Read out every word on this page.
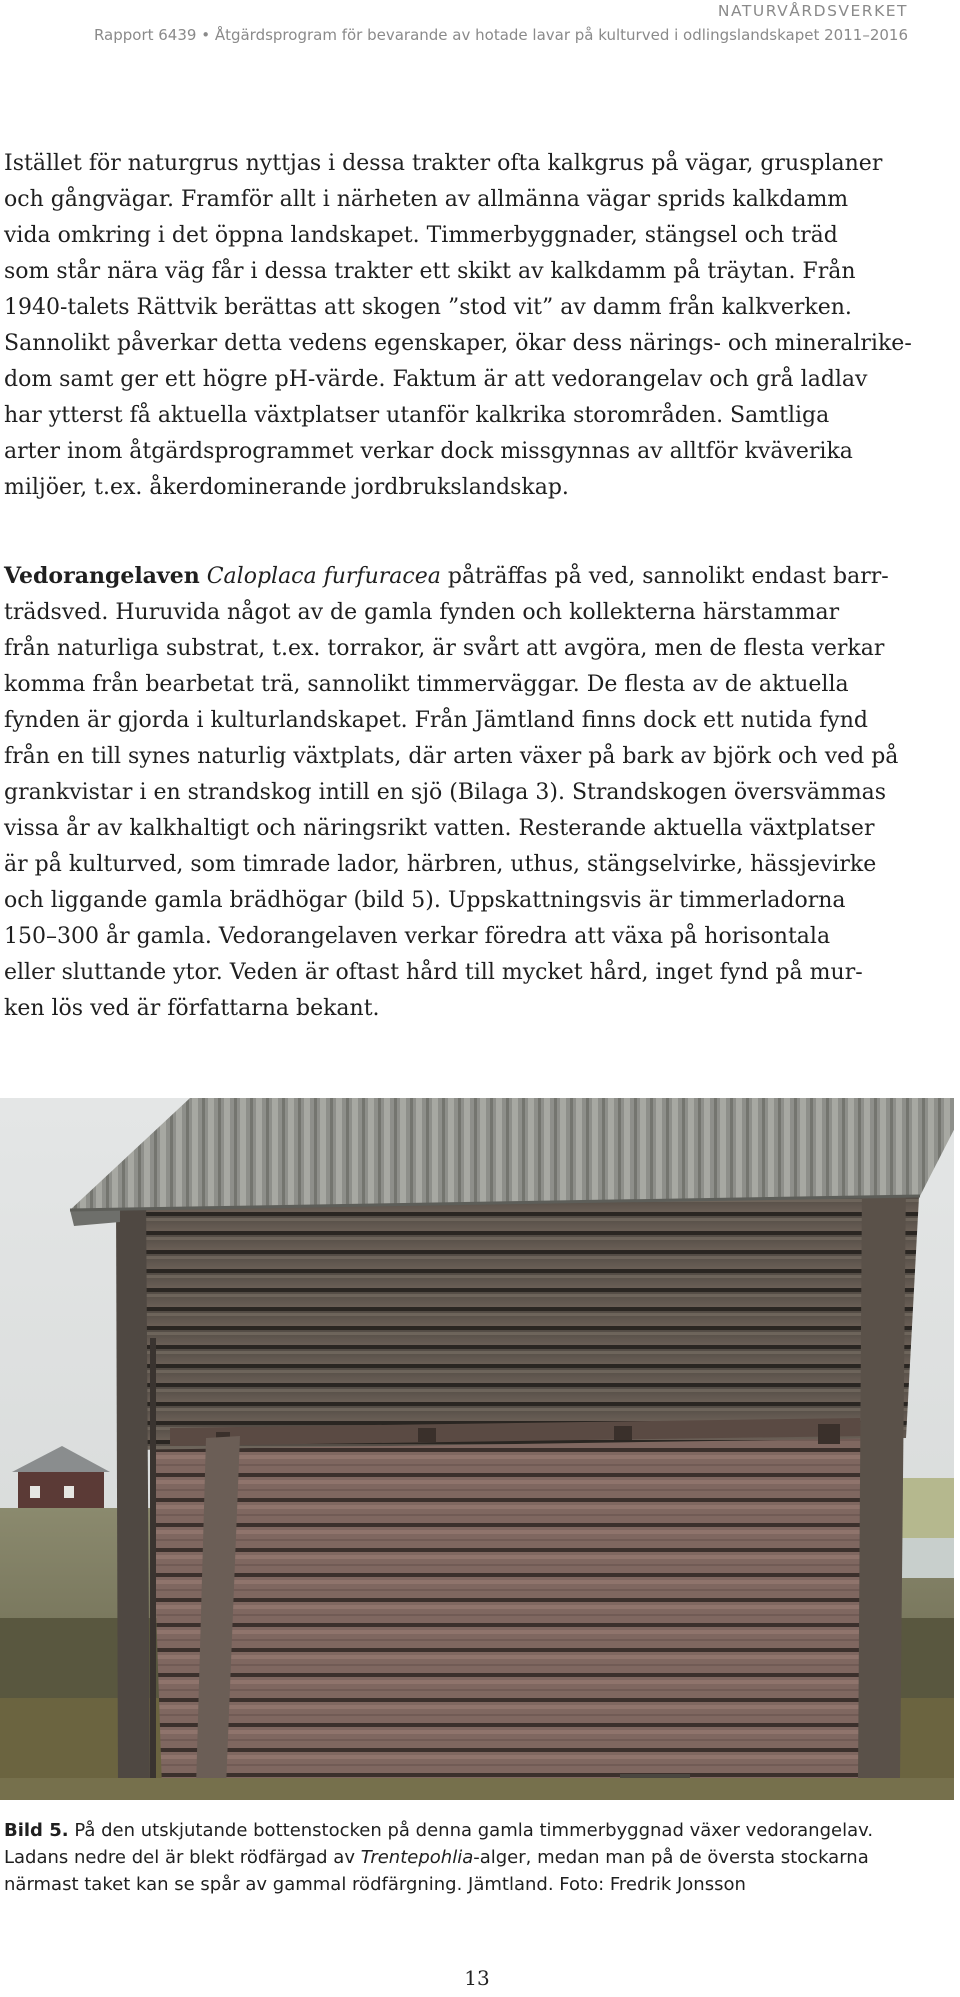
NATURVÅRDSVERKET
Rapport 6439 • Åtgärdsprogram för bevarande av hotade lavar på kulturved i odlingslandskapet 2011–2016

Istället för naturgrus nyttjas i dessa trakter ofta kalkgrus på vägar, grusplaner
och gångvägar. Framför allt i närheten av allmänna vägar sprids kalkdamm
vida omkring i det öppna landskapet. Timmerbyggnader, stängsel och träd
som står nära väg får i dessa trakter ett skikt av kalkdamm på träytan. Från
1940-talets Rättvik berättas att skogen ”stod vit” av damm från kalkverken.
Sannolikt påverkar detta vedens egenskaper, ökar dess närings- och mineralrike-
dom samt ger ett högre pH-värde. Faktum är att vedorangelav och grå ladlav
har ytterst få aktuella växtplatser utanför kalkrika storområden. Samtliga
arter inom åtgärdsprogrammet verkar dock missgynnas av alltför kväverika
miljöer, t.ex. åkerdominerande jordbrukslandskap.

Vedorangelaven Caloplaca furfuracea påträffas på ved, sannolikt endast barr-
trädsved. Huruvida något av de gamla fynden och kollekterna härstammar
från naturliga substrat, t.ex. torrakor, är svårt att avgöra, men de flesta verkar
komma från bearbetat trä, sannolikt timmerväggar. De flesta av de aktuella
fynden är gjorda i kulturlandskapet. Från Jämtland finns dock ett nutida fynd
från en till synes naturlig växtplats, där arten växer på bark av björk och ved på
grankvistar i en strandskog intill en sjö (Bilaga 3). Strandskogen översvämmas
vissa år av kalkhaltigt och näringsrikt vatten. Resterande aktuella växtplatser
är på kulturved, som timrade lador, härbren, uthus, stängselvirke, hässjevirke
och liggande gamla brädhögar (bild 5). Uppskattningsvis är timmerladorna
150–300 år gamla. Vedorangelaven verkar föredra att växa på horisontala
eller sluttande ytor. Veden är oftast hård till mycket hård, inget fynd på mur-
ken lös ved är författarna bekant.

Bild 5. På den utskjutande bottenstocken på denna gamla timmerbyggnad växer vedorangelav.
Ladans nedre del är blekt rödfärgad av Trentepohlia-alger, medan man på de översta stockarna
närmast taket kan se spår av gammal rödfärgning. Jämtland. Foto: Fredrik Jonsson
13
